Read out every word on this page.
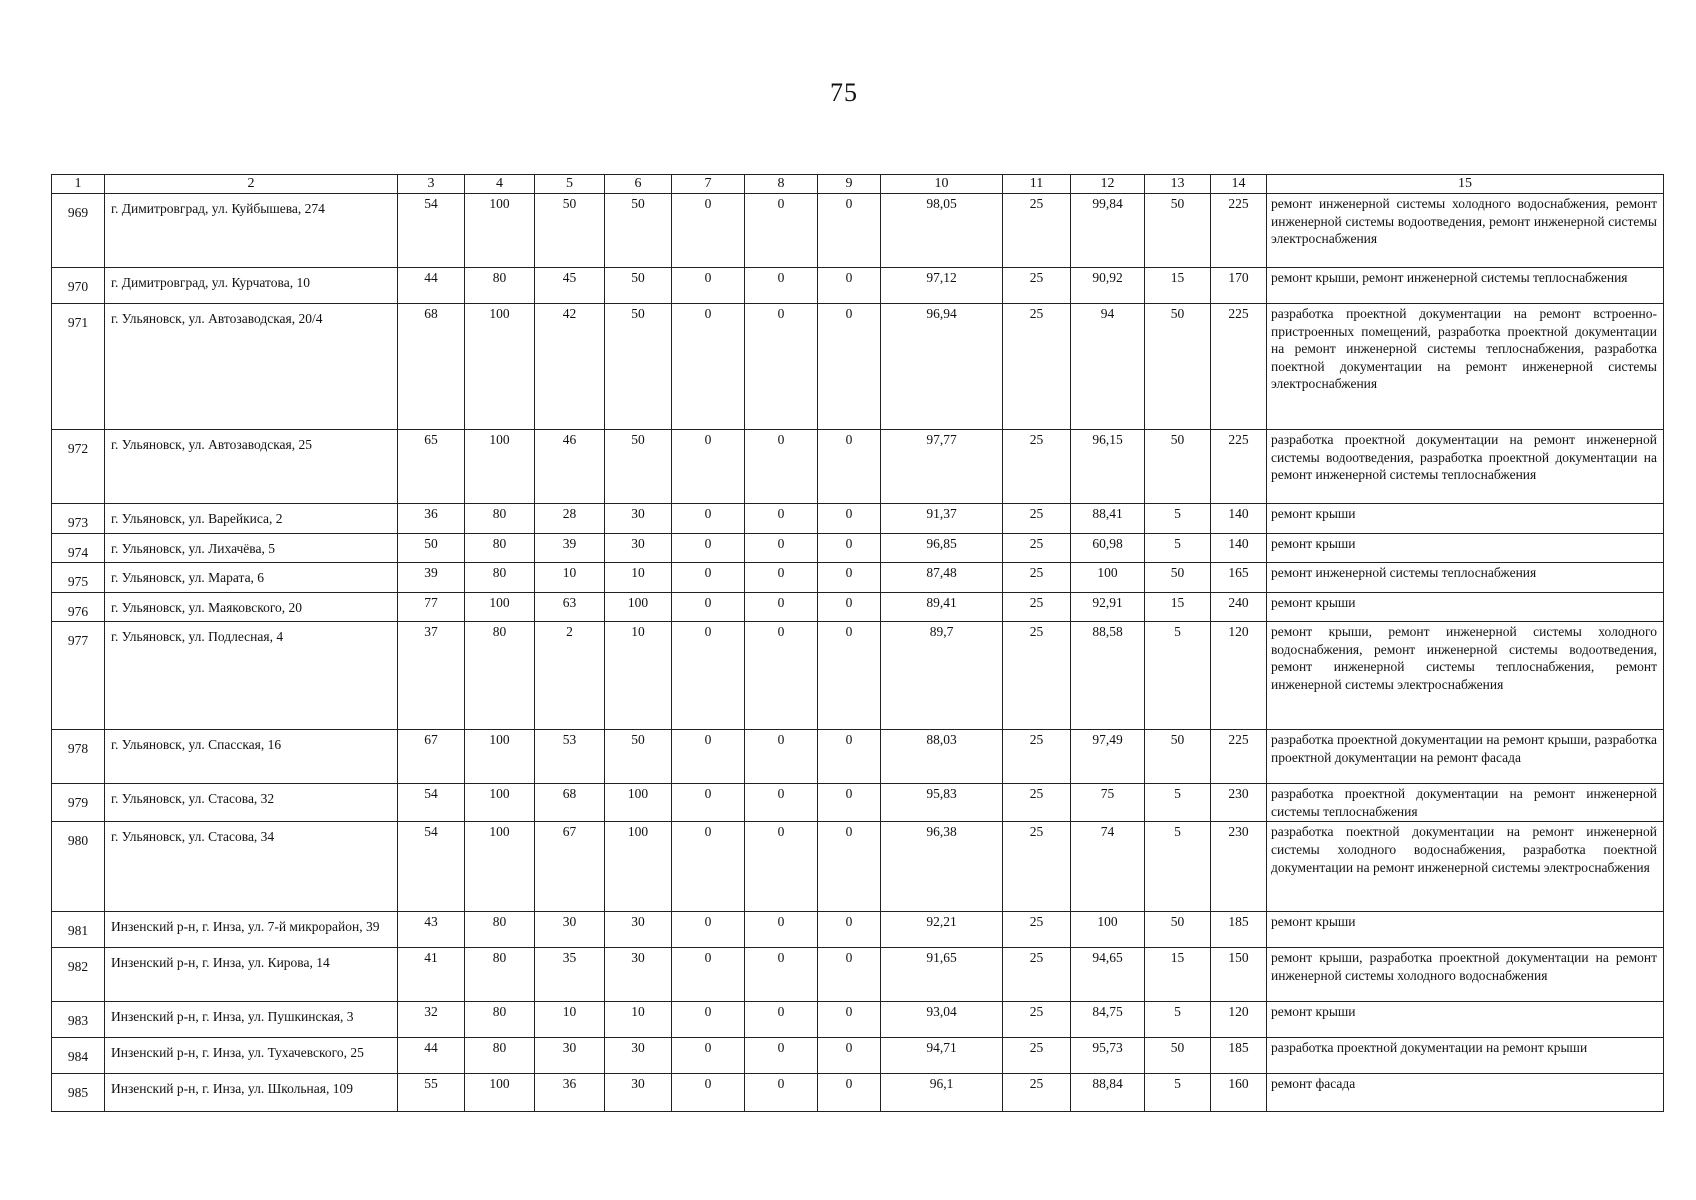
75
1	2	3	4	5	6	7	8	9	10	11	12	13	14	15
969	г. Димитровград, ул. Куйбышева, 274	54	100	50	50	0	0	0	98,05	25	99,84	50	225	ремонт инженерной системы холодного водоснабжения, ремонт инженерной системы водоотведения, ремонт инженерной системы электроснабжения
970	г. Димитровград, ул. Курчатова, 10	44	80	45	50	0	0	0	97,12	25	90,92	15	170	ремонт крыши, ремонт инженерной системы теплоснабжения
971	г. Ульяновск, ул. Автозаводская, 20/4	68	100	42	50	0	0	0	96,94	25	94	50	225	разработка проектной документации на ремонт встроенно-пристроенных помещений, разработка проектной документации на ремонт инженерной системы теплоснабжения, разработка поектной документации на ремонт инженерной системы электроснабжения
972	г. Ульяновск, ул. Автозаводская, 25	65	100	46	50	0	0	0	97,77	25	96,15	50	225	разработка проектной документации на ремонт инженерной системы водоотведения, разработка проектной документации на ремонт инженерной системы теплоснабжения
973	г. Ульяновск, ул. Варейкиса, 2	36	80	28	30	0	0	0	91,37	25	88,41	5	140	ремонт крыши
974	г. Ульяновск, ул. Лихачёва, 5	50	80	39	30	0	0	0	96,85	25	60,98	5	140	ремонт крыши
975	г. Ульяновск, ул. Марата, 6	39	80	10	10	0	0	0	87,48	25	100	50	165	ремонт инженерной системы теплоснабжения
976	г. Ульяновск, ул. Маяковского, 20	77	100	63	100	0	0	0	89,41	25	92,91	15	240	ремонт крыши
977	г. Ульяновск, ул. Подлесная, 4	37	80	2	10	0	0	0	89,7	25	88,58	5	120	ремонт крыши, ремонт инженерной системы холодного водоснабжения, ремонт инженерной системы водоотведения, ремонт инженерной системы теплоснабжения, ремонт инженерной системы электроснабжения
978	г. Ульяновск, ул. Спасская, 16	67	100	53	50	0	0	0	88,03	25	97,49	50	225	разработка проектной документации на ремонт крыши, разработка проектной документации на ремонт фасада
979	г. Ульяновск, ул. Стасова, 32	54	100	68	100	0	0	0	95,83	25	75	5	230	разработка проектной документации на ремонт инженерной системы теплоснабжения
980	г. Ульяновск, ул. Стасова, 34	54	100	67	100	0	0	0	96,38	25	74	5	230	разработка поектной документации на ремонт инженерной системы холодного водоснабжения, разработка поектной документации на ремонт инженерной системы электроснабжения
981	Инзенский р-н, г. Инза, ул. 7-й микрорайон, 39	43	80	30	30	0	0	0	92,21	25	100	50	185	ремонт крыши
982	Инзенский р-н, г. Инза, ул. Кирова, 14	41	80	35	30	0	0	0	91,65	25	94,65	15	150	ремонт крыши, разработка проектной документации на ремонт инженерной системы холодного водоснабжения
983	Инзенский р-н, г. Инза, ул. Пушкинская, 3	32	80	10	10	0	0	0	93,04	25	84,75	5	120	ремонт крыши
984	Инзенский р-н, г. Инза, ул. Тухачевского, 25	44	80	30	30	0	0	0	94,71	25	95,73	50	185	разработка проектной документации на ремонт крыши
985	Инзенский р-н, г. Инза, ул. Школьная, 109	55	100	36	30	0	0	0	96,1	25	88,84	5	160	ремонт фасада
